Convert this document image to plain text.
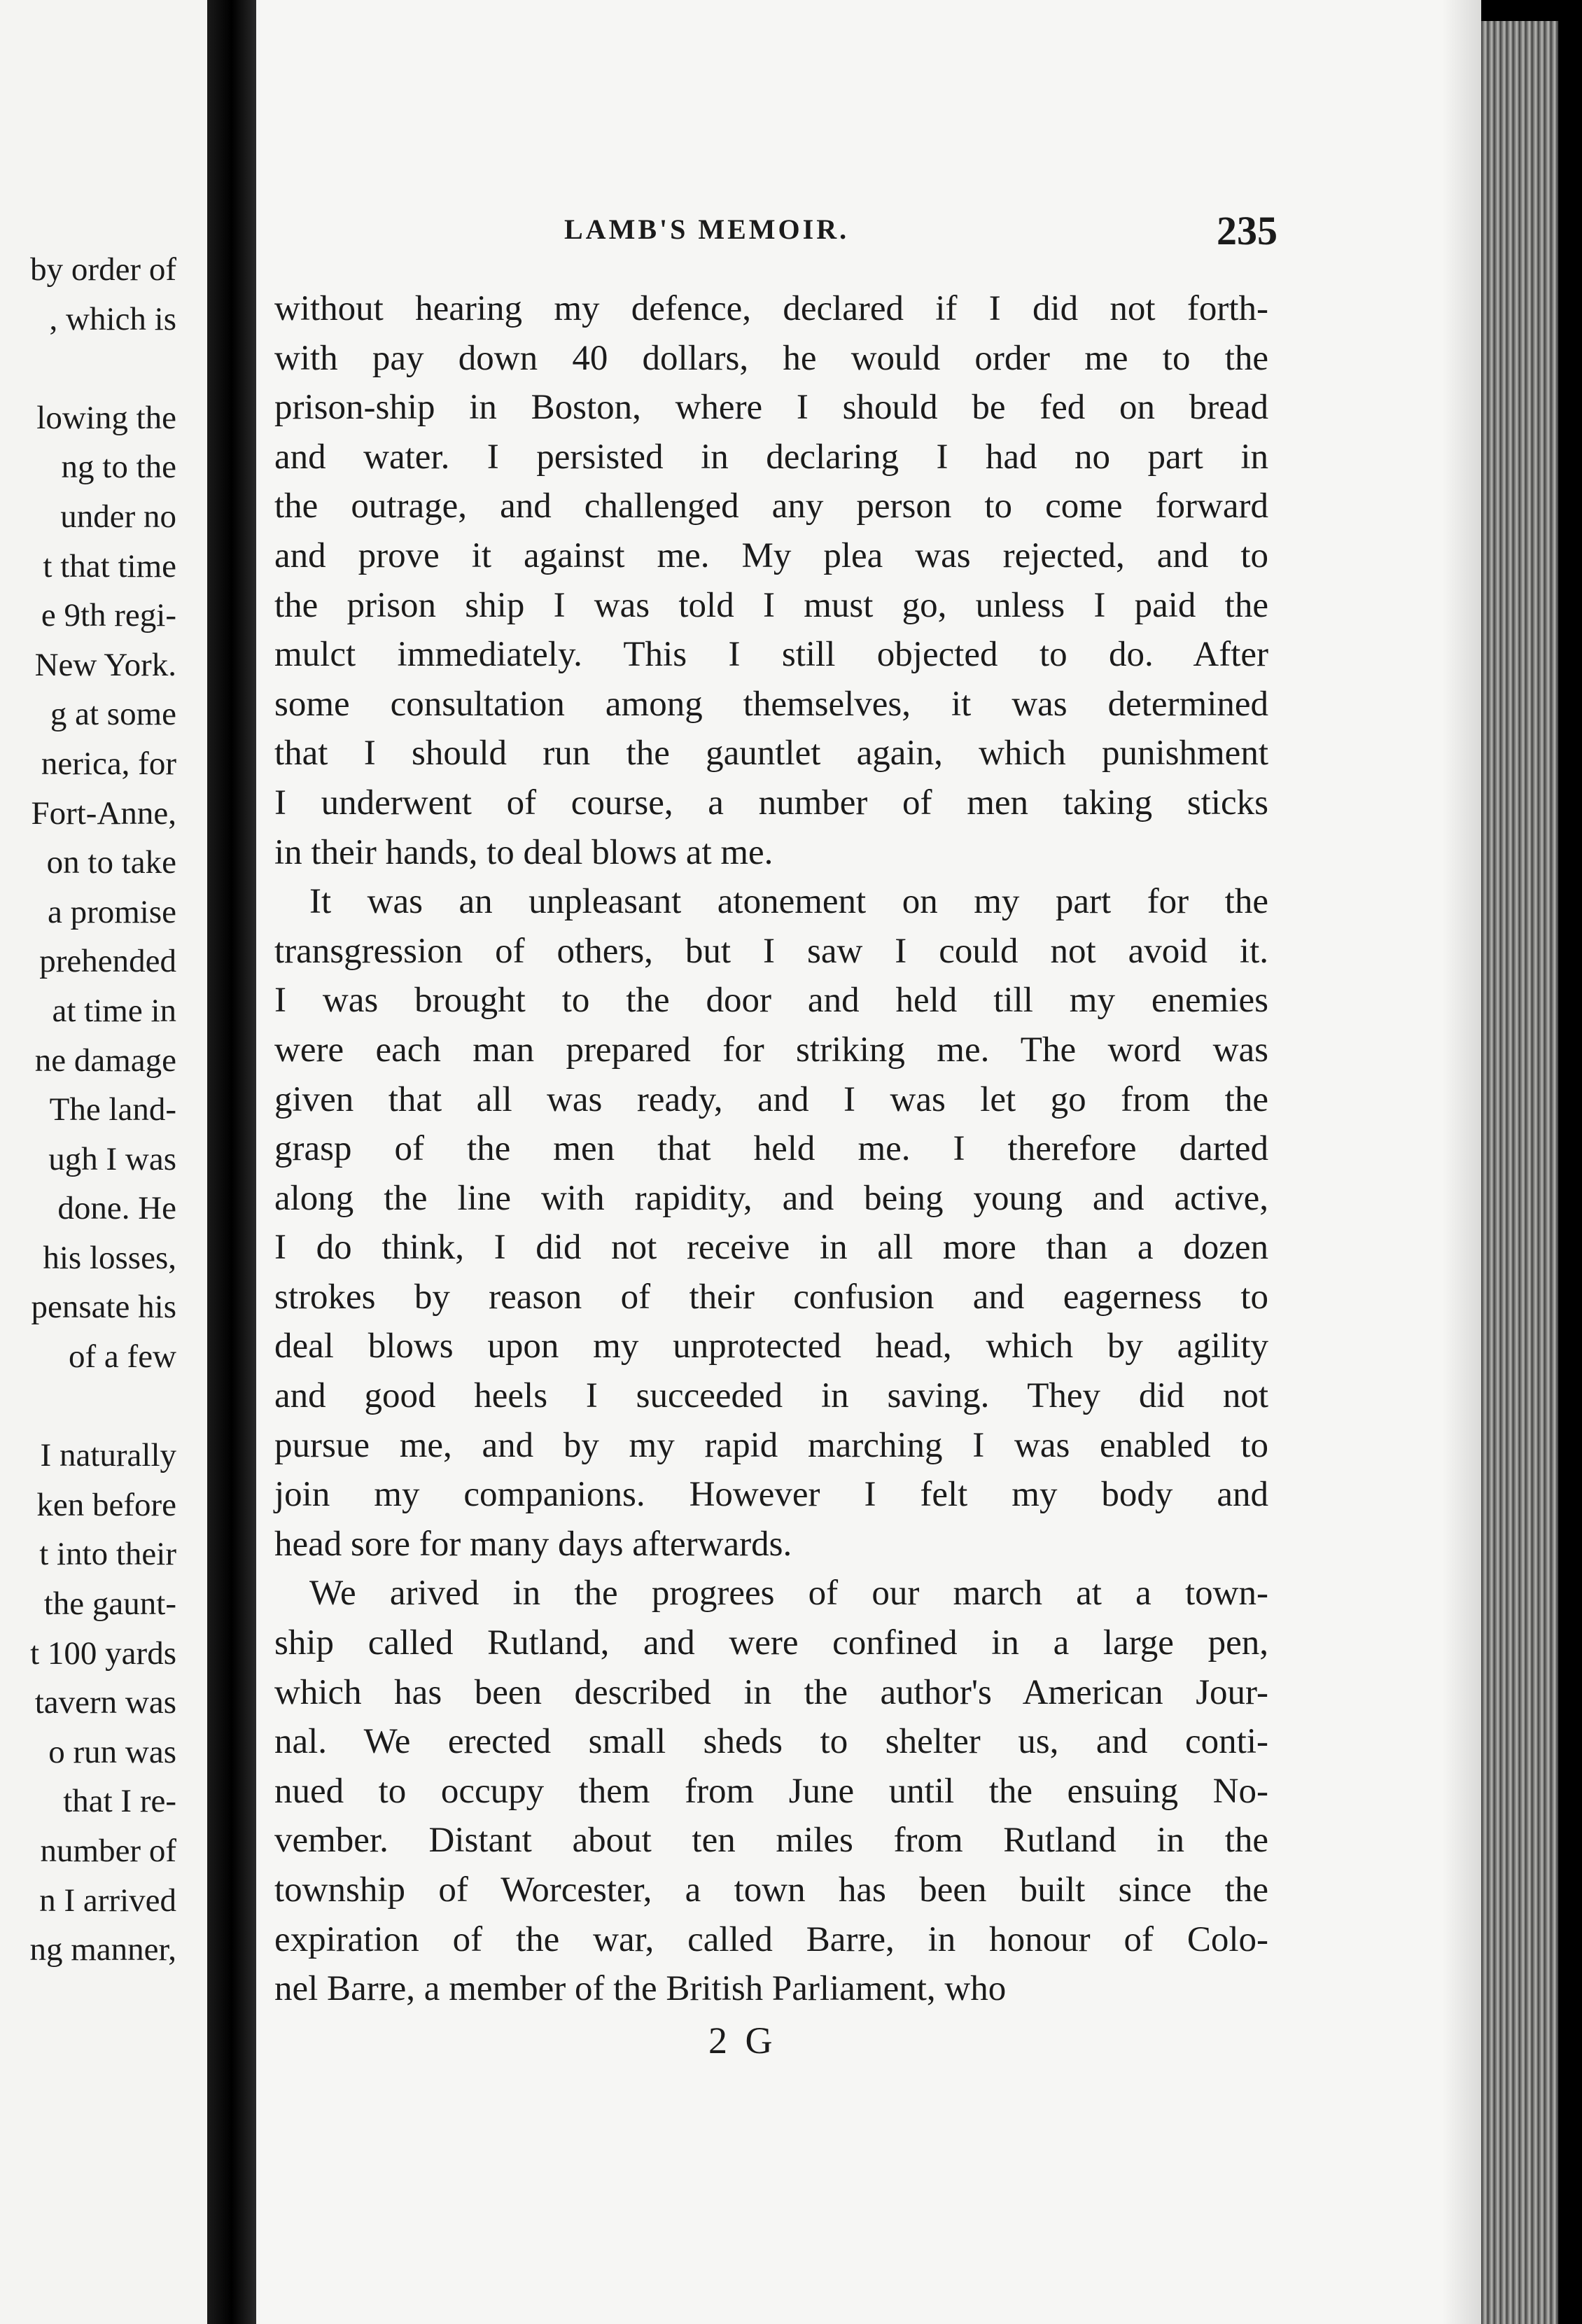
by order of
, which is
lowing the
ng to the
under no
t that time
e 9th regi-
New York.
g at some
nerica, for
Fort-Anne,
on to take
a promise
prehended
at time in
ne damage
The land-
ugh I was
done. He
his losses,
pensate his
of a few
I naturally
ken before
t into their
the gaunt-
t 100 yards
tavern was
o run was
that I re-
number of
n I arrived
ng manner,
LAMB'S MEMOIR.	235
without hearing my defence, declared if I did not forth-
with pay down 40 dollars, he would order me to the
prison-ship in Boston, where I should be fed on bread
and water. I persisted in declaring I had no part in
the outrage, and challenged any person to come forward
and prove it against me. My plea was rejected, and to
the prison ship I was told I must go, unless I paid the
mulct immediately. This I still objected to do. After
some consultation among themselves, it was determined
that I should run the gauntlet again, which punishment
I underwent of course, a number of men taking sticks
in their hands, to deal blows at me.
It was an unpleasant atonement on my part for the
transgression of others, but I saw I could not avoid it.
I was brought to the door and held till my enemies
were each man prepared for striking me. The word was
given that all was ready, and I was let go from the
grasp of the men that held me. I therefore darted
along the line with rapidity, and being young and active,
I do think, I did not receive in all more than a dozen
strokes by reason of their confusion and eagerness to
deal blows upon my unprotected head, which by agility
and good heels I succeeded in saving. They did not
pursue me, and by my rapid marching I was enabled to
join my companions. However I felt my body and
head sore for many days afterwards.
We arived in the progrees of our march at a town-
ship called Rutland, and were confined in a large pen,
which has been described in the author's American Jour-
nal. We erected small sheds to shelter us, and conti-
nued to occupy them from June until the ensuing No-
vember. Distant about ten miles from Rutland in the
township of Worcester, a town has been built since the
expiration of the war, called Barre, in honour of Colo-
nel Barre, a member of the British Parliament, who
2 G
